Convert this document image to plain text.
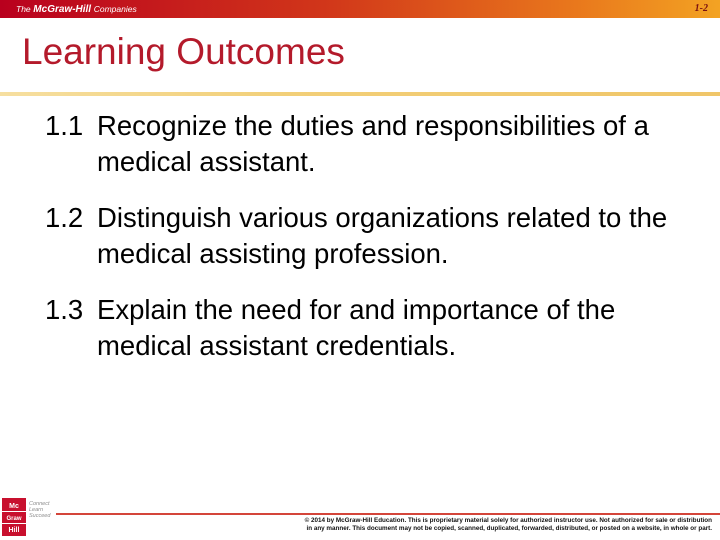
The McGraw-Hill Companies	1-2
Learning Outcomes
1.1 Recognize the duties and responsibilities of a medical assistant.
1.2 Distinguish various organizations related to the medical assisting profession.
1.3 Explain the need for and importance of the medical assistant credentials.
Mc
Graw
Hill
Connect
Learn
Succeed
© 2014 by McGraw-Hill Education. This is proprietary material solely for authorized instructor use. Not authorized for sale or distribution
in any manner. This document may not be copied, scanned, duplicated, forwarded, distributed, or posted on a website, in whole or part.
